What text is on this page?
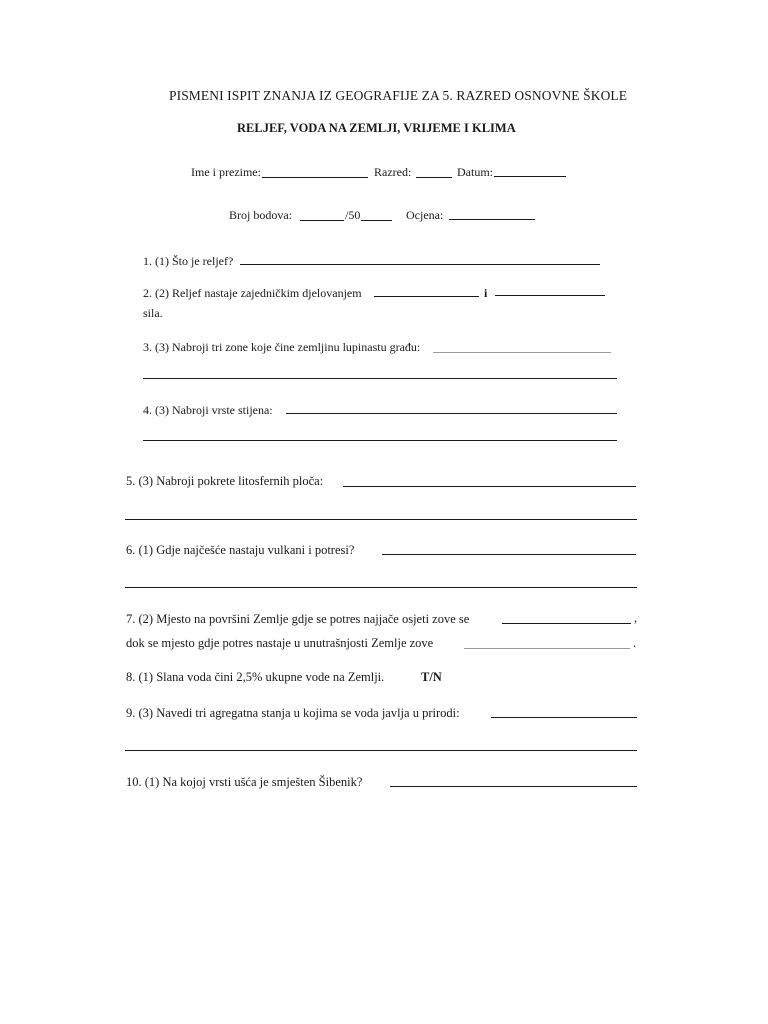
PISMENI ISPIT ZNANJA IZ GEOGRAFIJE ZA 5. RAZRED OSNOVNE ŠKOLE
RELJEF, VODA NA ZEMLJI, VRIJEME I KLIMA
Ime i prezime:	Razred:	Datum:
Broj bodova:	/50	Ocjena:
1. (1) Što je reljef?
2. (2) Reljef nastaje zajedničkim djelovanjem	i
sila.
3. (3) Nabroji tri zone koje čine zemljinu lupinastu građu:
4. (3) Nabroji vrste stijena:
5. (3) Nabroji pokrete litosfernih ploča:
6. (1) Gdje najčešće nastaju vulkani i potresi?
7. (2) Mjesto na površini Zemlje gdje se potres najjače osjeti zove se	,
dok se mjesto gdje potres nastaje u unutrašnjosti Zemlje zove	.
8. (1) Slana voda čini 2,5% ukupne vode na Zemlji.	T/N
9. (3) Navedi tri agregatna stanja u kojima se voda javlja u prirodi:
10. (1) Na kojoj vrsti ušća je smješten Šibenik?
